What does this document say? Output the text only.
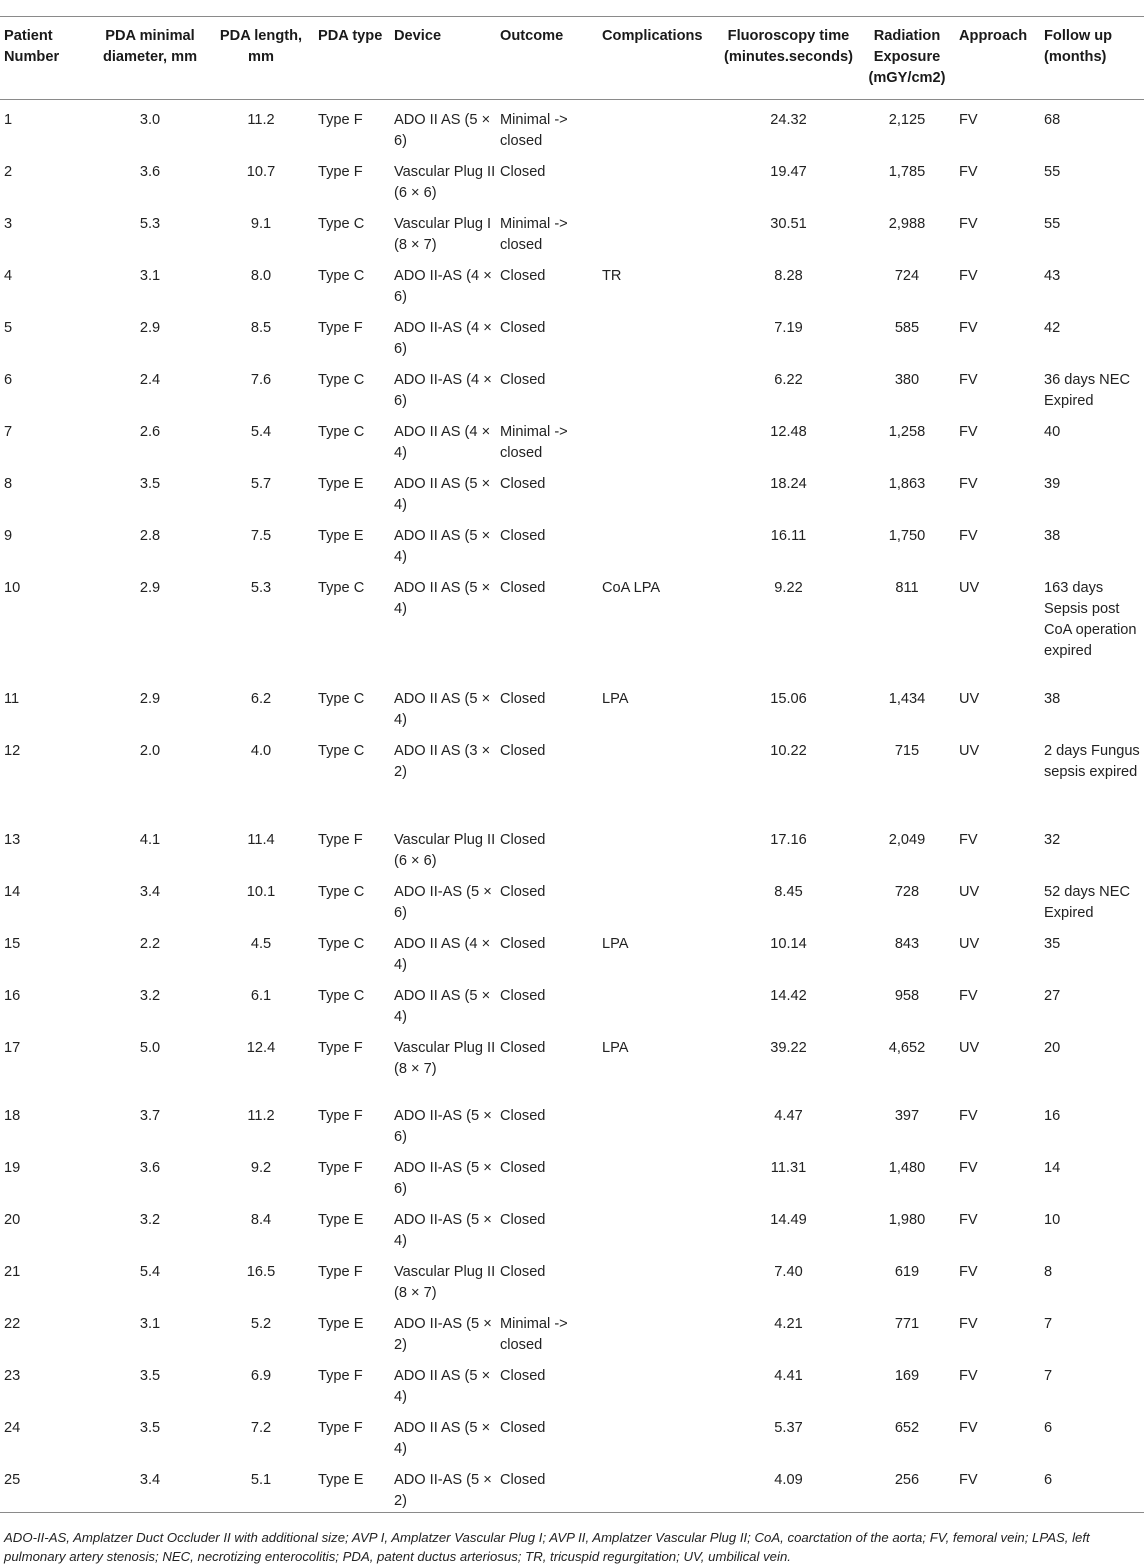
Patient Number	PDA minimal diameter, mm	PDA length, mm	PDA type	Device	Outcome	Complications	Fluoroscopy time (minutes.seconds)	Radiation Exposure (mGY/cm2)	Approach	Follow up (months)
1	3.0	11.2	Type F	ADO II AS (5 × 6)	Minimal -> closed		24.32	2,125	FV	68
2	3.6	10.7	Type F	Vascular Plug II (6 × 6)	Closed		19.47	1,785	FV	55
3	5.3	9.1	Type C	Vascular Plug I (8 × 7)	Minimal -> closed		30.51	2,988	FV	55
4	3.1	8.0	Type C	ADO II-AS (4 × 6)	Closed	TR	8.28	724	FV	43
5	2.9	8.5	Type F	ADO II-AS (4 × 6)	Closed		7.19	585	FV	42
6	2.4	7.6	Type C	ADO II-AS (4 × 6)	Closed		6.22	380	FV	36 days NEC Expired
7	2.6	5.4	Type C	ADO II AS (4 × 4)	Minimal -> closed		12.48	1,258	FV	40
8	3.5	5.7	Type E	ADO II AS (5 × 4)	Closed		18.24	1,863	FV	39
9	2.8	7.5	Type E	ADO II AS (5 × 4)	Closed		16.11	1,750	FV	38
10	2.9	5.3	Type C	ADO II AS (5 × 4)	Closed	CoA LPA	9.22	811	UV	163 days Sepsis post CoA operation expired
11	2.9	6.2	Type C	ADO II AS (5 × 4)	Closed	LPA	15.06	1,434	UV	38
12	2.0	4.0	Type C	ADO II AS (3 × 2)	Closed		10.22	715	UV	2 days Fungus sepsis expired
13	4.1	11.4	Type F	Vascular Plug II (6 × 6)	Closed		17.16	2,049	FV	32
14	3.4	10.1	Type C	ADO II-AS (5 × 6)	Closed		8.45	728	UV	52 days NEC Expired
15	2.2	4.5	Type C	ADO II AS (4 × 4)	Closed	LPA	10.14	843	UV	35
16	3.2	6.1	Type C	ADO II AS (5 × 4)	Closed		14.42	958	FV	27
17	5.0	12.4	Type F	Vascular Plug II (8 × 7)	Closed	LPA	39.22	4,652	UV	20
18	3.7	11.2	Type F	ADO II-AS (5 × 6)	Closed		4.47	397	FV	16
19	3.6	9.2	Type F	ADO II-AS (5 × 6)	Closed		11.31	1,480	FV	14
20	3.2	8.4	Type E	ADO II-AS (5 × 4)	Closed		14.49	1,980	FV	10
21	5.4	16.5	Type F	Vascular Plug II (8 × 7)	Closed		7.40	619	FV	8
22	3.1	5.2	Type E	ADO II-AS (5 × 2)	Minimal -> closed		4.21	771	FV	7
23	3.5	6.9	Type F	ADO II AS (5 × 4)	Closed		4.41	169	FV	7
24	3.5	7.2	Type F	ADO II AS (5 × 4)	Closed		5.37	652	FV	6
25	3.4	5.1	Type E	ADO II-AS (5 × 2)	Closed		4.09	256	FV	6
ADO-II-AS, Amplatzer Duct Occluder II with additional size; AVP I, Amplatzer Vascular Plug I; AVP II, Amplatzer Vascular Plug II; CoA, coarctation of the aorta; FV, femoral vein; LPAS, left pulmonary artery stenosis; NEC, necrotizing enterocolitis; PDA, patent ductus arteriosus; TR, tricuspid regurgitation; UV, umbilical vein.										
